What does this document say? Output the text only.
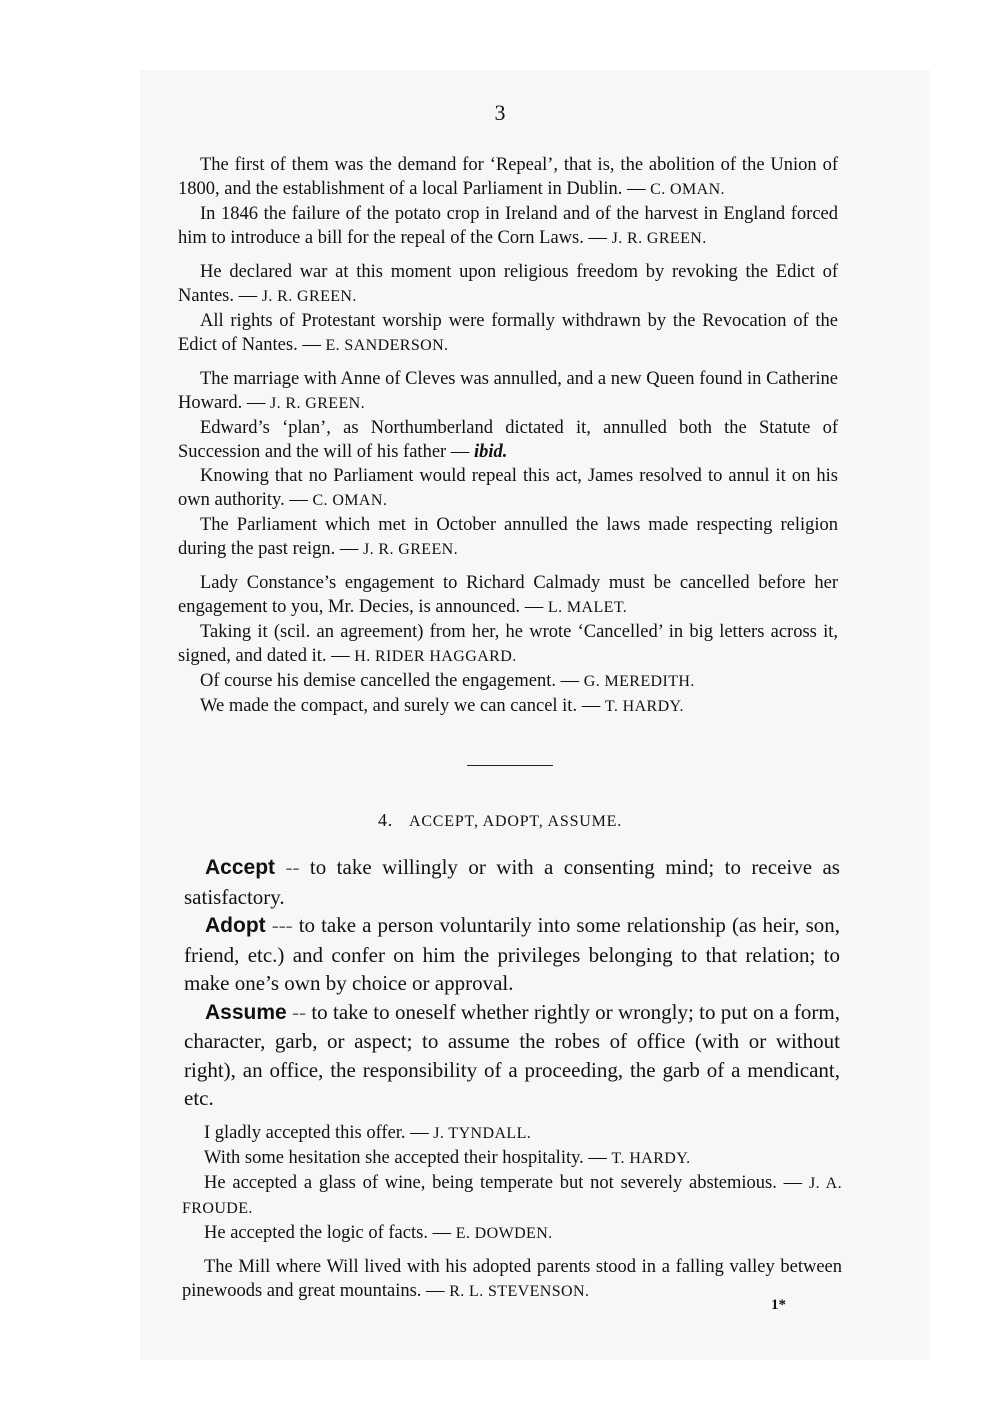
3

The first of them was the demand for ‘Repeal’, that is, the abolition of the Union of 1800, and the establishment of a local Parliament in Dublin. — C. OMAN.

In 1846 the failure of the potato crop in Ireland and of the harvest in England forced him to introduce a bill for the repeal of the Corn Laws. — J. R. GREEN.

He declared war at this moment upon religious freedom by revoking the Edict of Nantes. — J. R. GREEN.

All rights of Protestant worship were formally withdrawn by the Revocation of the Edict of Nantes. — E. SANDERSON.

The marriage with Anne of Cleves was annulled, and a new Queen found in Catherine Howard. — J. R. GREEN.

Edward’s ‘plan’, as Northumberland dictated it, annulled both the Statute of Succession and the will of his father — ibid.

Knowing that no Parliament would repeal this act, James resolved to annul it on his own authority. — C. OMAN.

The Parliament which met in October annulled the laws made respecting religion during the past reign. — J. R. GREEN.

Lady Constance’s engagement to Richard Calmady must be cancelled before her engagement to you, Mr. Decies, is announced. — L. MALET.

Taking it (scil. an agreement) from her, he wrote ‘Cancelled’ in big letters across it, signed, and dated it. — H. RIDER HAGGARD.

Of course his demise cancelled the engagement. — G. MEREDITH.

We made the compact, and surely we can cancel it. — T. HARDY.

4. ACCEPT, ADOPT, ASSUME.

Accept -- to take willingly or with a consenting mind; to receive as satisfactory.

Adopt --- to take a person voluntarily into some relationship (as heir, son, friend, etc.) and confer on him the privileges belonging to that relation; to make one’s own by choice or approval.

Assume -- to take to oneself whether rightly or wrongly; to put on a form, character, garb, or aspect; to assume the robes of office (with or without right), an office, the responsibility of a proceeding, the garb of a mendicant, etc.

I gladly accepted this offer. — J. TYNDALL.

With some hesitation she accepted their hospitality. — T. HARDY.

He accepted a glass of wine, being temperate but not severely abstemious. — J. A. FROUDE.

He accepted the logic of facts. — E. DOWDEN.

The Mill where Will lived with his adopted parents stood in a falling valley between pinewoods and great mountains. — R. L. STEVENSON.

1*
